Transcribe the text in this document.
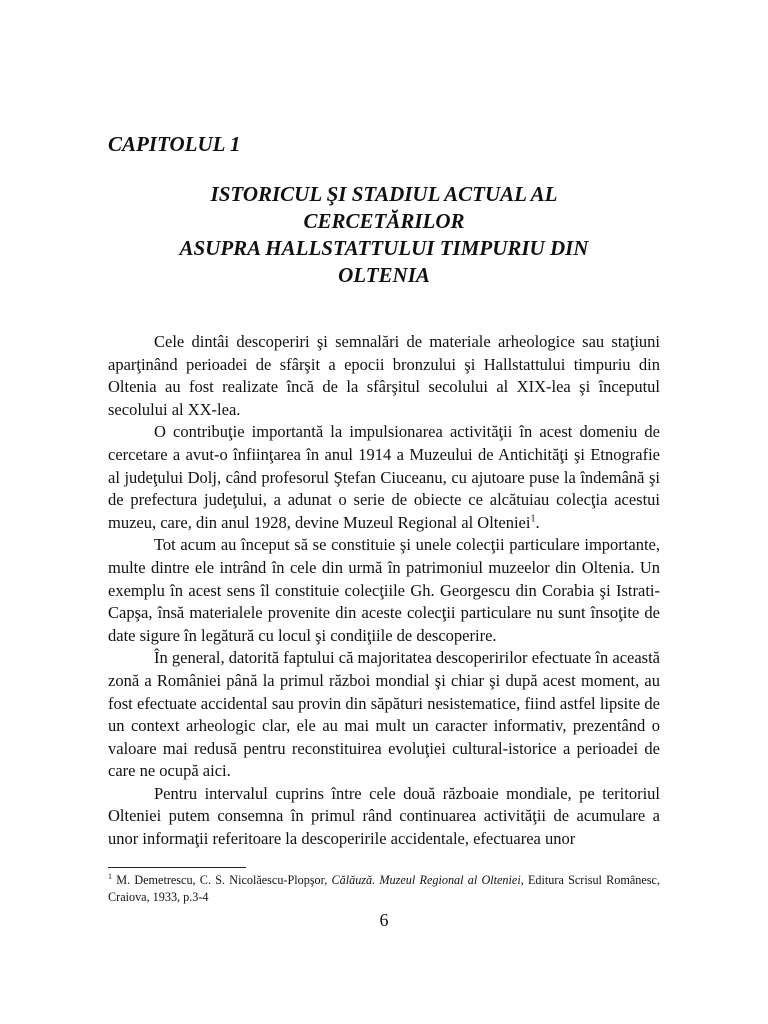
CAPITOLUL 1
ISTORICUL ŞI STADIUL ACTUAL AL
CERCETĂRILOR
ASUPRA HALLSTATTULUI TIMPURIU DIN
OLTENIA

Cele dintâi descoperiri şi semnalări de materiale arheologice sau staţiuni aparţinând perioadei de sfârşit a epocii bronzului şi Hallstattului timpuriu din Oltenia au fost realizate încă de la sfârşitul secolului al XIX-lea şi începutul secolului al XX-lea.

O contribuţie importantă la impulsionarea activităţii în acest domeniu de cercetare a avut-o înfiinţarea în anul 1914 a Muzeului de Antichităţi şi Etnografie al judeţului Dolj, când profesorul Ştefan Ciuceanu, cu ajutoare puse la îndemână şi de prefectura judeţului, a adunat o serie de obiecte ce alcătuiau colecţia acestui muzeu, care, din anul 1928, devine Muzeul Regional al Olteniei$^1$.

Tot acum au început să se constituie şi unele colecţii particulare importante, multe dintre ele intrând în cele din urmă în patrimoniul muzeelor din Oltenia. Un exemplu în acest sens îl constituie colecţiile Gh. Georgescu din Corabia şi Istrati-Capşa, însă materialele provenite din aceste colecţii particulare nu sunt însoţite de date sigure în legătură cu locul şi condiţiile de descoperire.

În general, datorită faptului că majoritatea descoperirilor efectuate în această zonă a României până la primul război mondial şi chiar şi după acest moment, au fost efectuate accidental sau provin din săpături nesistematice, fiind astfel lipsite de un context arheologic clar, ele au mai mult un caracter informativ, prezentând o valoare mai redusă pentru reconstituirea evoluţiei cultural-istorice a perioadei de care ne ocupă aici.

Pentru intervalul cuprins între cele două războaie mondiale, pe teritoriul Olteniei putem consemna în primul rând continuarea activităţii de acumulare a unor informaţii referitoare la descoperirile accidentale, efectuarea unor

$^1$ M. Demetrescu, C. S. Nicolăescu-Plopşor, Călăuză. Muzeul Regional al Olteniei, Editura Scrisul Românesc, Craiova, 1933, p.3-4
6
